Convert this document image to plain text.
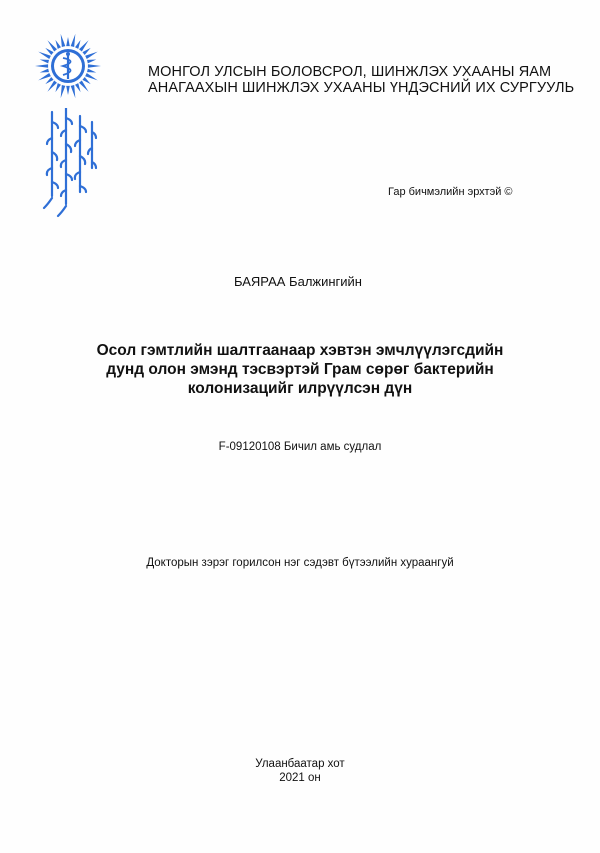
МОНГОЛ УЛСЫН БОЛОВСРОЛ, ШИНЖЛЭХ УХААНЫ ЯАМ
АНАГААХЫН ШИНЖЛЭХ УХААНЫ ҮНДЭСНИЙ ИХ СУРГУУЛЬ
Гар бичмэлийн эрхтэй ©
БАЯРАА Балжингийн
Осол гэмтлийн шалтгаанаар хэвтэн эмчлүүлэгсдийн
дунд олон эмэнд тэсвэртэй Грам сөрөг бактерийн
колонизацийг илрүүлсэн дүн
F-09120108 Бичил амь судлал
Докторын зэрэг горилсон нэг сэдэвт бүтээлийн хураангуй
Улаанбаатар хот
2021 он
